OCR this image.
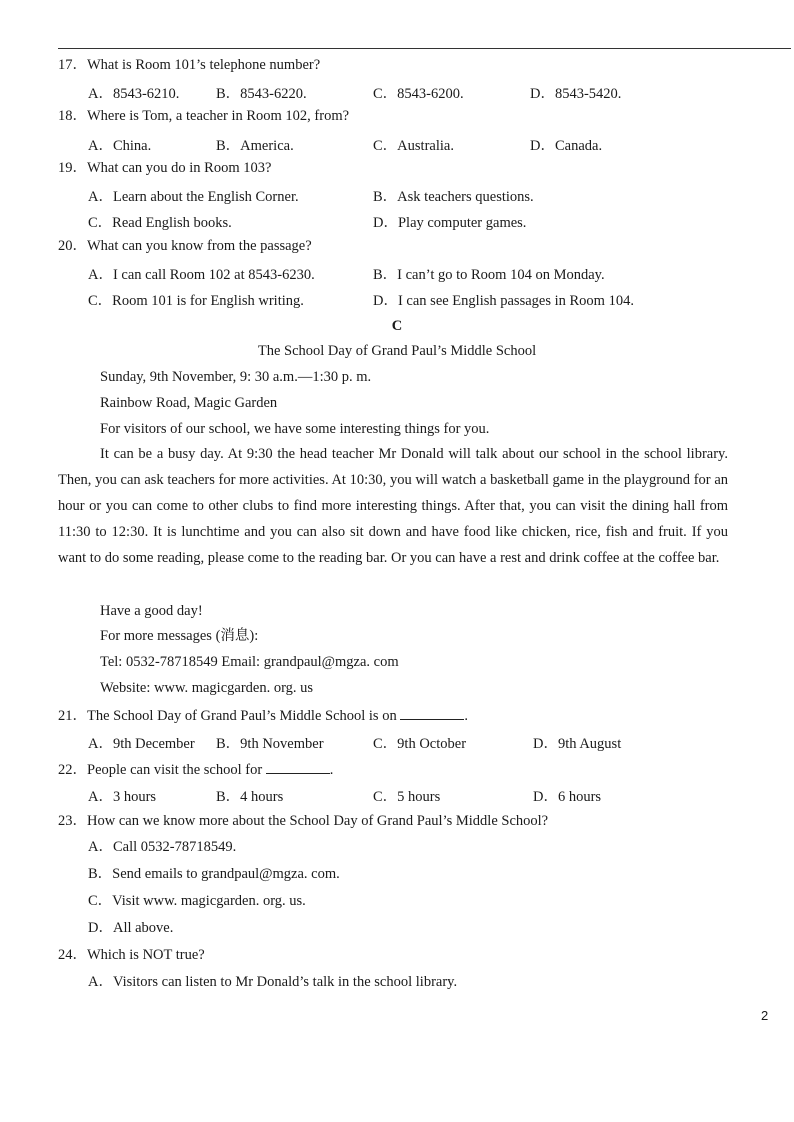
17．What is Room 101’s telephone number?
A．8543-6210.	B．8543-6220.	C．8543-6200.	D．8543-5420.
18．Where is Tom, a teacher in Room 102, from?
A．China.	B．America.	C．Australia.	D．Canada.
19．What can you do in Room 103?
A．Learn about the English Corner.	B．Ask teachers questions.
C．Read English books.	D．Play computer games.
20．What can you know from the passage?
A．I can call Room 102 at 8543-6230.	B．I can’t go to Room 104 on Monday.
C．Room 101 is for English writing.	D．I can see English passages in Room 104.
C
The School Day of Grand Paul’s Middle School
Sunday, 9th November, 9: 30 a.m.—1:30 p. m.
Rainbow Road, Magic Garden
For visitors of our school, we have some interesting things for you.
It can be a busy day. At 9:30 the head teacher Mr Donald will talk about our school in the school library. Then, you can ask teachers for more activities. At 10:30, you will watch a basketball game in the playground for an hour or you can come to other clubs to find more interesting things. After that, you can visit the dining hall from 11:30 to 12:30. It is lunchtime and you can also sit down and have food like chicken, rice, fish and fruit. If you want to do some reading, please come to the reading bar. Or you can have a rest and drink coffee at the coffee bar.
Have a good day!
For more messages (消息):
Tel: 0532-78718549 Email: grandpaul@mgza. com
Website: www. magicgarden. org. us
21．The School Day of Grand Paul’s Middle School is on	.
A．9th December B．9th November	C．9th October	D．9th August
22．People can visit the school for	.
A．3 hours	B．4 hours	C．5 hours	D．6 hours
23．How can we know more about the School Day of Grand Paul’s Middle School?
A．Call 0532-78718549.
B．Send emails to grandpaul@mgza. com.
C．Visit www. magicgarden. org. us.
D．All above.
24．Which is NOT true?
A．Visitors can listen to Mr Donald’s talk in the school library.
2
